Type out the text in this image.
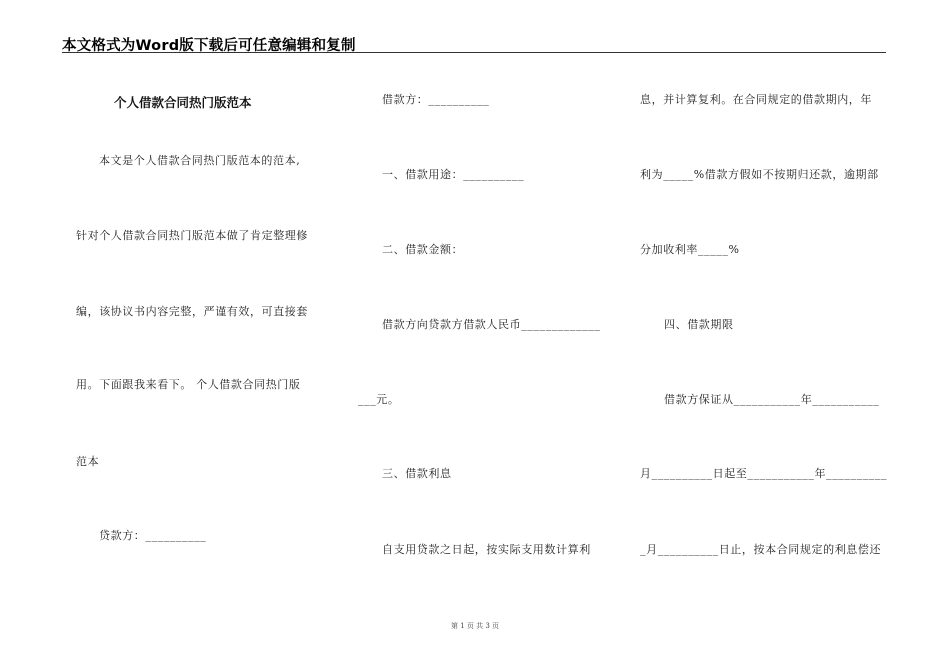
本文格式为Word版下载后可任意编辑和复制
个人借款合同热门版范本
本文是个人借款合同热门版范本的范本,
针对个人借款合同热门版范本做了肯定整理修
编，该协议书内容完整，严谨有效，可直接套
用。下面跟我来看下。 个人借款合同热门版
范本
贷款方：__________
借款方：__________
一、借款用途：__________
二、借款金额：
借款方向贷款方借款人民币_____________
___元。
三、借款利息
自支用贷款之日起，按实际支用数计算利
息，并计算复利。在合同规定的借款期内，年
利为_____%借款方假如不按期归还款，逾期部
分加收利率_____%
四、借款期限
借款方保证从___________年___________
月__________日起至___________年__________
_月__________日止，按本合同规定的利息偿还
第 1 页 共 3 页
